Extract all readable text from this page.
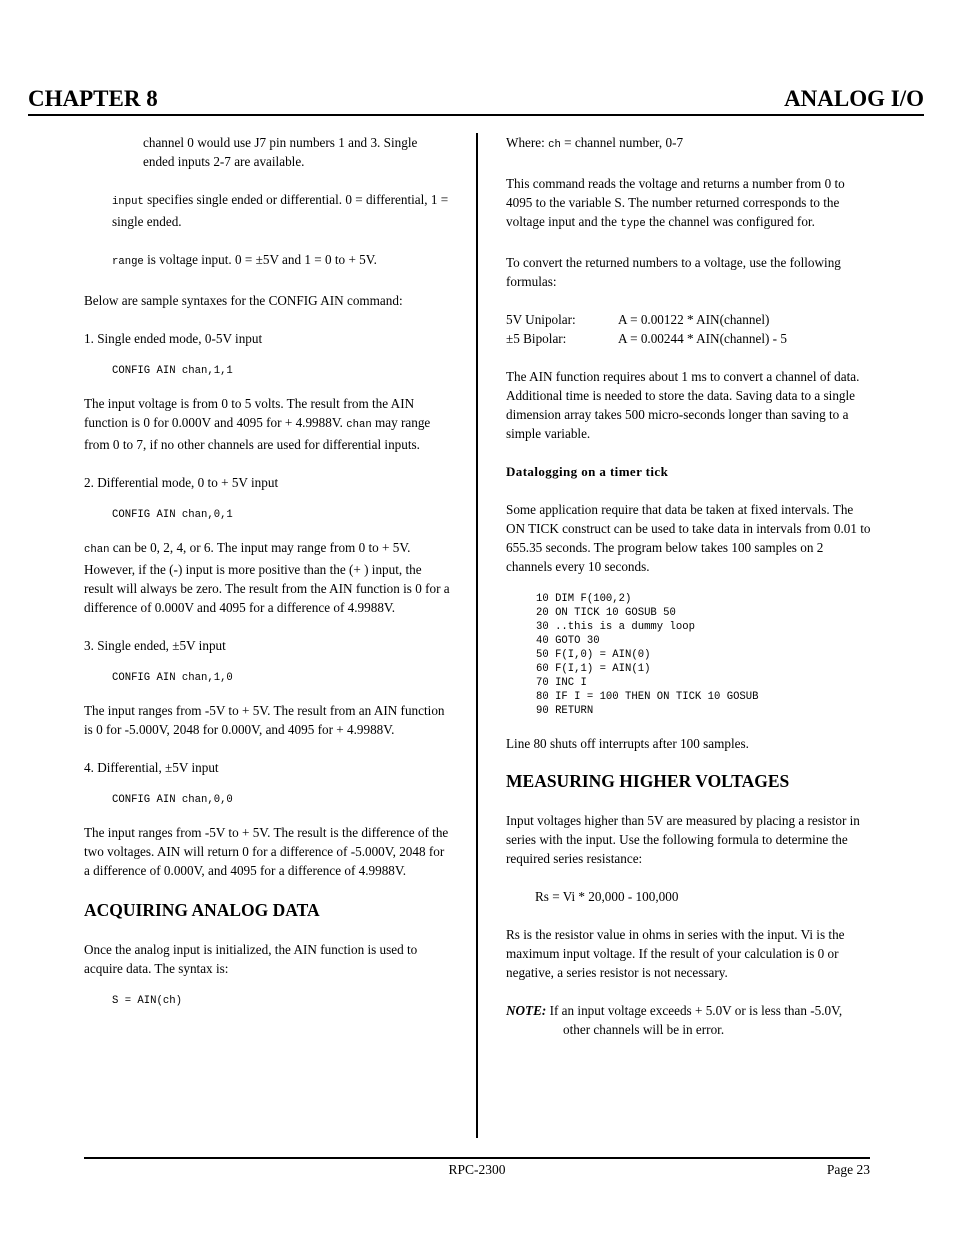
CHAPTER 8	ANALOG I/O

channel 0 would use J7 pin numbers 1 and 3. Single ended inputs 2-7 are available.

input specifies single ended or differential. 0 = differential, 1 = single ended.

range is voltage input. 0 = ±5V and 1 = 0 to + 5V.

Below are sample syntaxes for the CONFIG AIN command:

1. Single ended mode, 0-5V input

CONFIG AIN chan,1,1

The input voltage is from 0 to 5 volts. The result from the AIN function is 0 for 0.000V and 4095 for + 4.9988V. chan may range from 0 to 7, if no other channels are used for differential inputs.

2. Differential mode, 0 to + 5V input

CONFIG AIN chan,0,1

chan can be 0, 2, 4, or 6. The input may range from 0 to + 5V. However, if the (-) input is more positive than the (+ ) input, the result will always be zero. The result from the AIN function is 0 for a difference of 0.000V and 4095 for a difference of 4.9988V.

3. Single ended, ±5V input

CONFIG AIN chan,1,0

The input ranges from -5V to + 5V. The result from an AIN function is 0 for -5.000V, 2048 for 0.000V, and 4095 for + 4.9988V.

4. Differential, ±5V input

CONFIG AIN chan,0,0

The input ranges from -5V to + 5V. The result is the difference of the two voltages. AIN will return 0 for a difference of -5.000V, 2048 for a difference of 0.000V, and 4095 for a difference of 4.9988V.

ACQUIRING ANALOG DATA

Once the analog input is initialized, the AIN function is used to acquire data. The syntax is:

S = AIN(ch)

Where: ch = channel number, 0-7

This command reads the voltage and returns a number from 0 to 4095 to the variable S. The number returned corresponds to the voltage input and the type the channel was configured for.

To convert the returned numbers to a voltage, use the following formulas:

5V Unipolar:	A = 0.00122 * AIN(channel)
±5 Bipolar:	A = 0.00244 * AIN(channel) - 5

The AIN function requires about 1 ms to convert a channel of data. Additional time is needed to store the data. Saving data to a single dimension array takes 500 micro-seconds longer than saving to a simple variable.

Datalogging on a timer tick

Some application require that data be taken at fixed intervals. The ON TICK construct can be used to take data in intervals from 0.01 to 655.35 seconds. The program below takes 100 samples on 2 channels every 10 seconds.

10 DIM F(100,2)
20 ON TICK 10 GOSUB 50
30 ..this is a dummy loop
40 GOTO 30
50 F(I,0) = AIN(0)
60 F(I,1) = AIN(1)
70 INC I
80 IF I = 100 THEN ON TICK 10 GOSUB
90 RETURN

Line 80 shuts off interrupts after 100 samples.

MEASURING HIGHER VOLTAGES

Input voltages higher than 5V are measured by placing a resistor in series with the input. Use the following formula to determine the required series resistance:

Rs = Vi * 20,000 - 100,000

Rs is the resistor value in ohms in series with the input. Vi is the maximum input voltage. If the result of your calculation is 0 or negative, a series resistor is not necessary.

NOTE: If an input voltage exceeds + 5.0V or is less than -5.0V, other channels will be in error.

RPC-2300	Page 23
